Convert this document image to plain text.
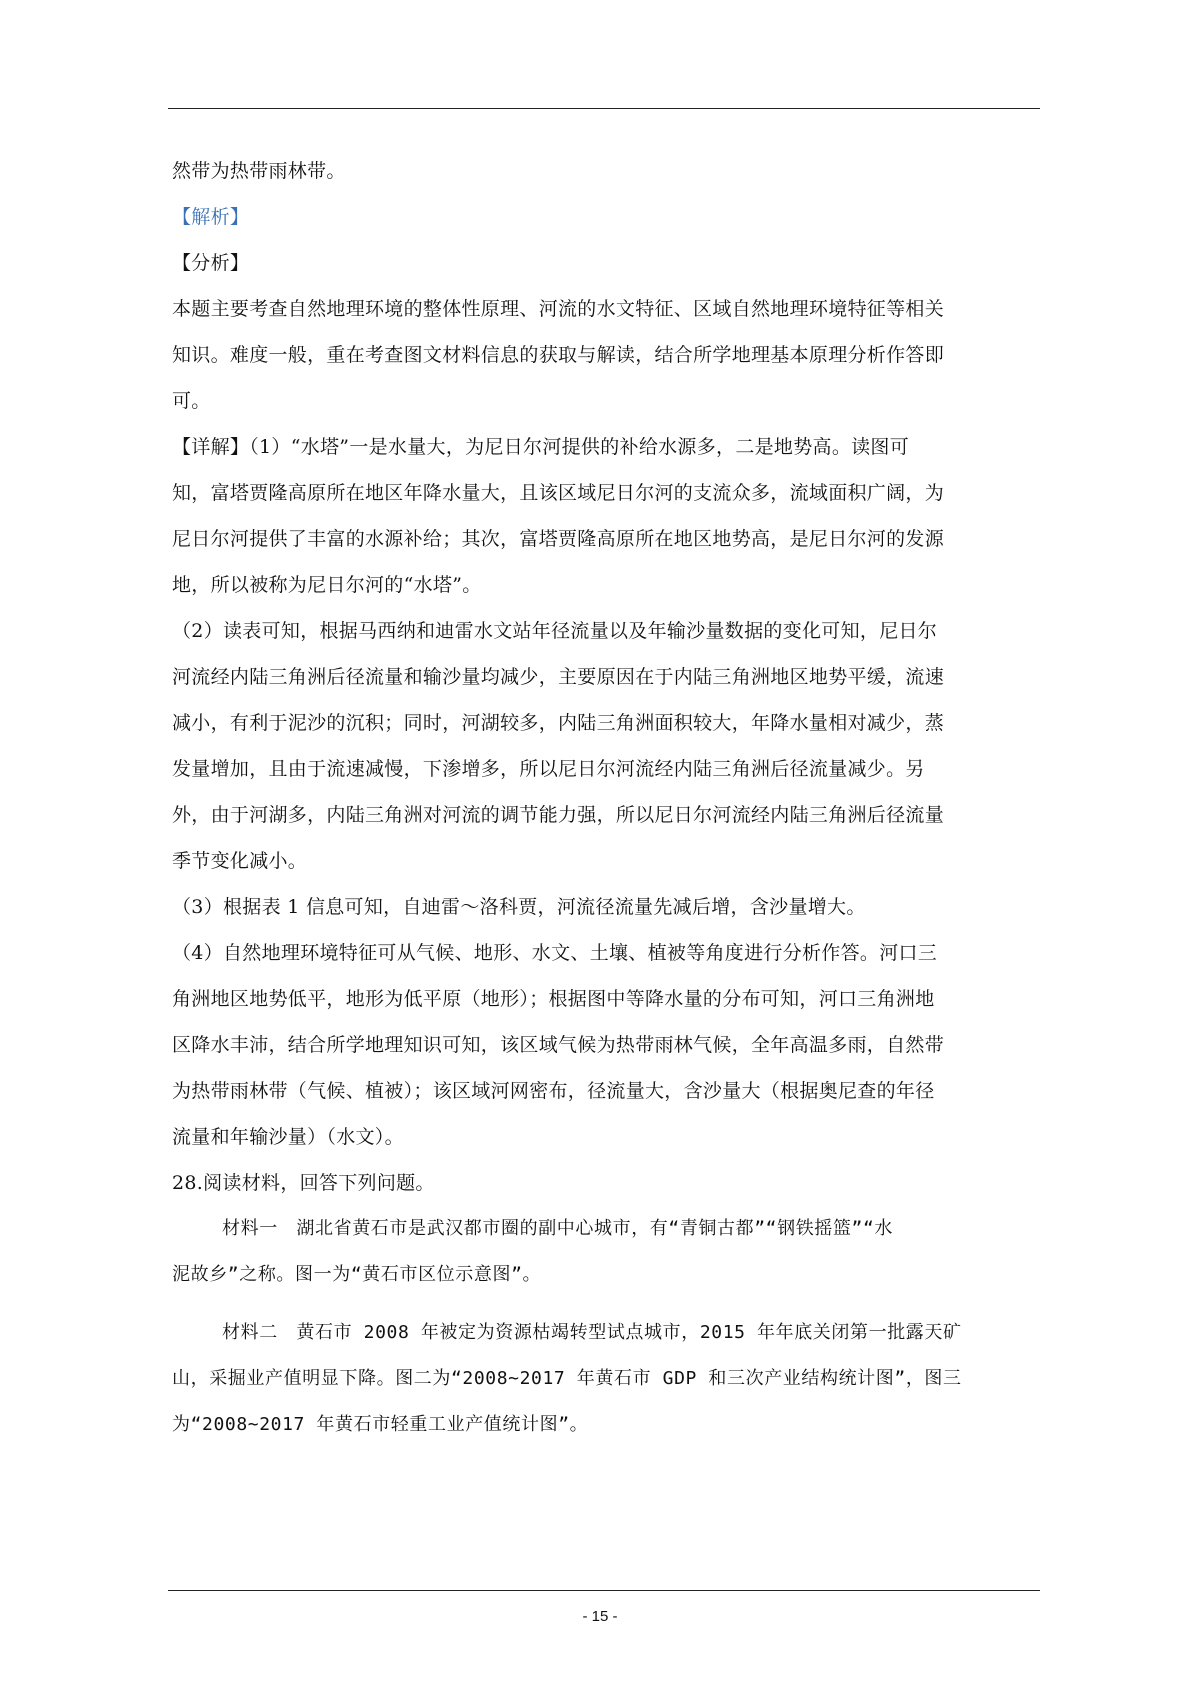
然带为热带雨林带。
【解析】
【分析】
本题主要考查自然地理环境的整体性原理、河流的水文特征、区域自然地理环境特征等相关
知识。难度一般，重在考查图文材料信息的获取与解读，结合所学地理基本原理分析作答即
可。
【详解】（1）“水塔”一是水量大，为尼日尔河提供的补给水源多，二是地势高。读图可
知，富塔贾隆高原所在地区年降水量大，且该区域尼日尔河的支流众多，流域面积广阔，为
尼日尔河提供了丰富的水源补给；其次，富塔贾隆高原所在地区地势高，是尼日尔河的发源
地，所以被称为尼日尔河的“水塔”。
（2）读表可知，根据马西纳和迪雷水文站年径流量以及年输沙量数据的变化可知，尼日尔
河流经内陆三角洲后径流量和输沙量均减少，主要原因在于内陆三角洲地区地势平缓，流速
减小，有利于泥沙的沉积；同时，河湖较多，内陆三角洲面积较大，年降水量相对减少，蒸
发量增加，且由于流速减慢，下渗增多，所以尼日尔河流经内陆三角洲后径流量减少。另
外，由于河湖多，内陆三角洲对河流的调节能力强，所以尼日尔河流经内陆三角洲后径流量
季节变化减小。
（3）根据表 1 信息可知，自迪雷～洛科贾，河流径流量先减后增，含沙量增大。
（4）自然地理环境特征可从气候、地形、水文、土壤、植被等角度进行分析作答。河口三
角洲地区地势低平，地形为低平原（地形）；根据图中等降水量的分布可知，河口三角洲地
区降水丰沛，结合所学地理知识可知，该区域气候为热带雨林气候，全年高温多雨，自然带
为热带雨林带（气候、植被）；该区域河网密布，径流量大，含沙量大（根据奥尼查的年径
流量和年输沙量）（水文）。
28.阅读材料，回答下列问题。
材料一　湖北省黄石市是武汉都市圈的副中心城市，有“青铜古都”“钢铁摇篮”“水
泥故乡”之称。图一为“黄石市区位示意图”。
材料二　黄石市 2008 年被定为资源枯竭转型试点城市，2015 年年底关闭第一批露天矿
山，采掘业产值明显下降。图二为“2008~2017 年黄石市 GDP 和三次产业结构统计图”，图三
为“2008~2017 年黄石市轻重工业产值统计图”。
- 15 -
